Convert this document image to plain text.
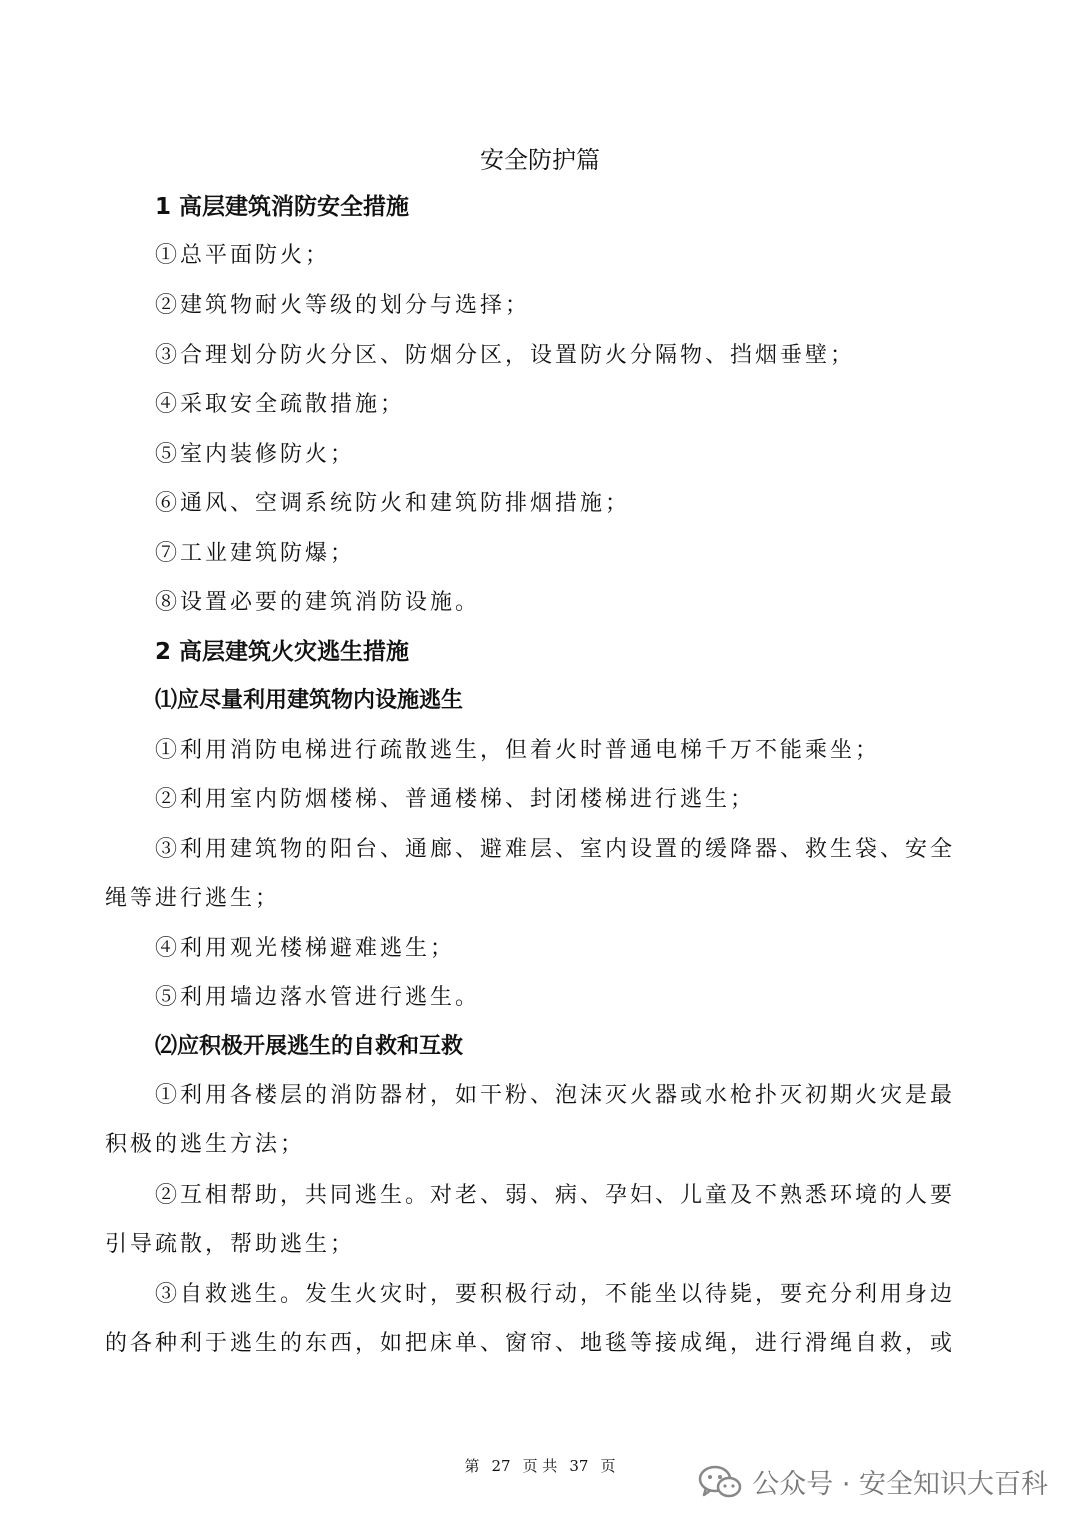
安全防护篇
1 高层建筑消防安全措施

①总平面防火；

②建筑物耐火等级的划分与选择；

③合理划分防火分区、防烟分区，设置防火分隔物、挡烟垂壁；

④采取安全疏散措施；

⑤室内装修防火；

⑥通风、空调系统防火和建筑防排烟措施；

⑦工业建筑防爆；

⑧设置必要的建筑消防设施。

2 高层建筑火灾逃生措施
⑴应尽量利用建筑物内设施逃生

①利用消防电梯进行疏散逃生，但着火时普通电梯千万不能乘坐；

②利用室内防烟楼梯、普通楼梯、封闭楼梯进行逃生；

③利用建筑物的阳台、通廊、避难层、室内设置的缓降器、救生袋、安全

绳等进行逃生；

④利用观光楼梯避难逃生；

⑤利用墙边落水管进行逃生。

⑵应积极开展逃生的自救和互救

①利用各楼层的消防器材，如干粉、泡沫灭火器或水枪扑灭初期火灾是最

积极的逃生方法；

②互相帮助，共同逃生。对老、弱、病、孕妇、儿童及不熟悉环境的人要

引导疏散，帮助逃生；

③自救逃生。发生火灾时，要积极行动，不能坐以待毙，要充分利用身边

的各种利于逃生的东西，如把床单、窗帘、地毯等接成绳，进行滑绳自救，或

第 27 页 共 37 页
公众号 · 安全知识大百科
